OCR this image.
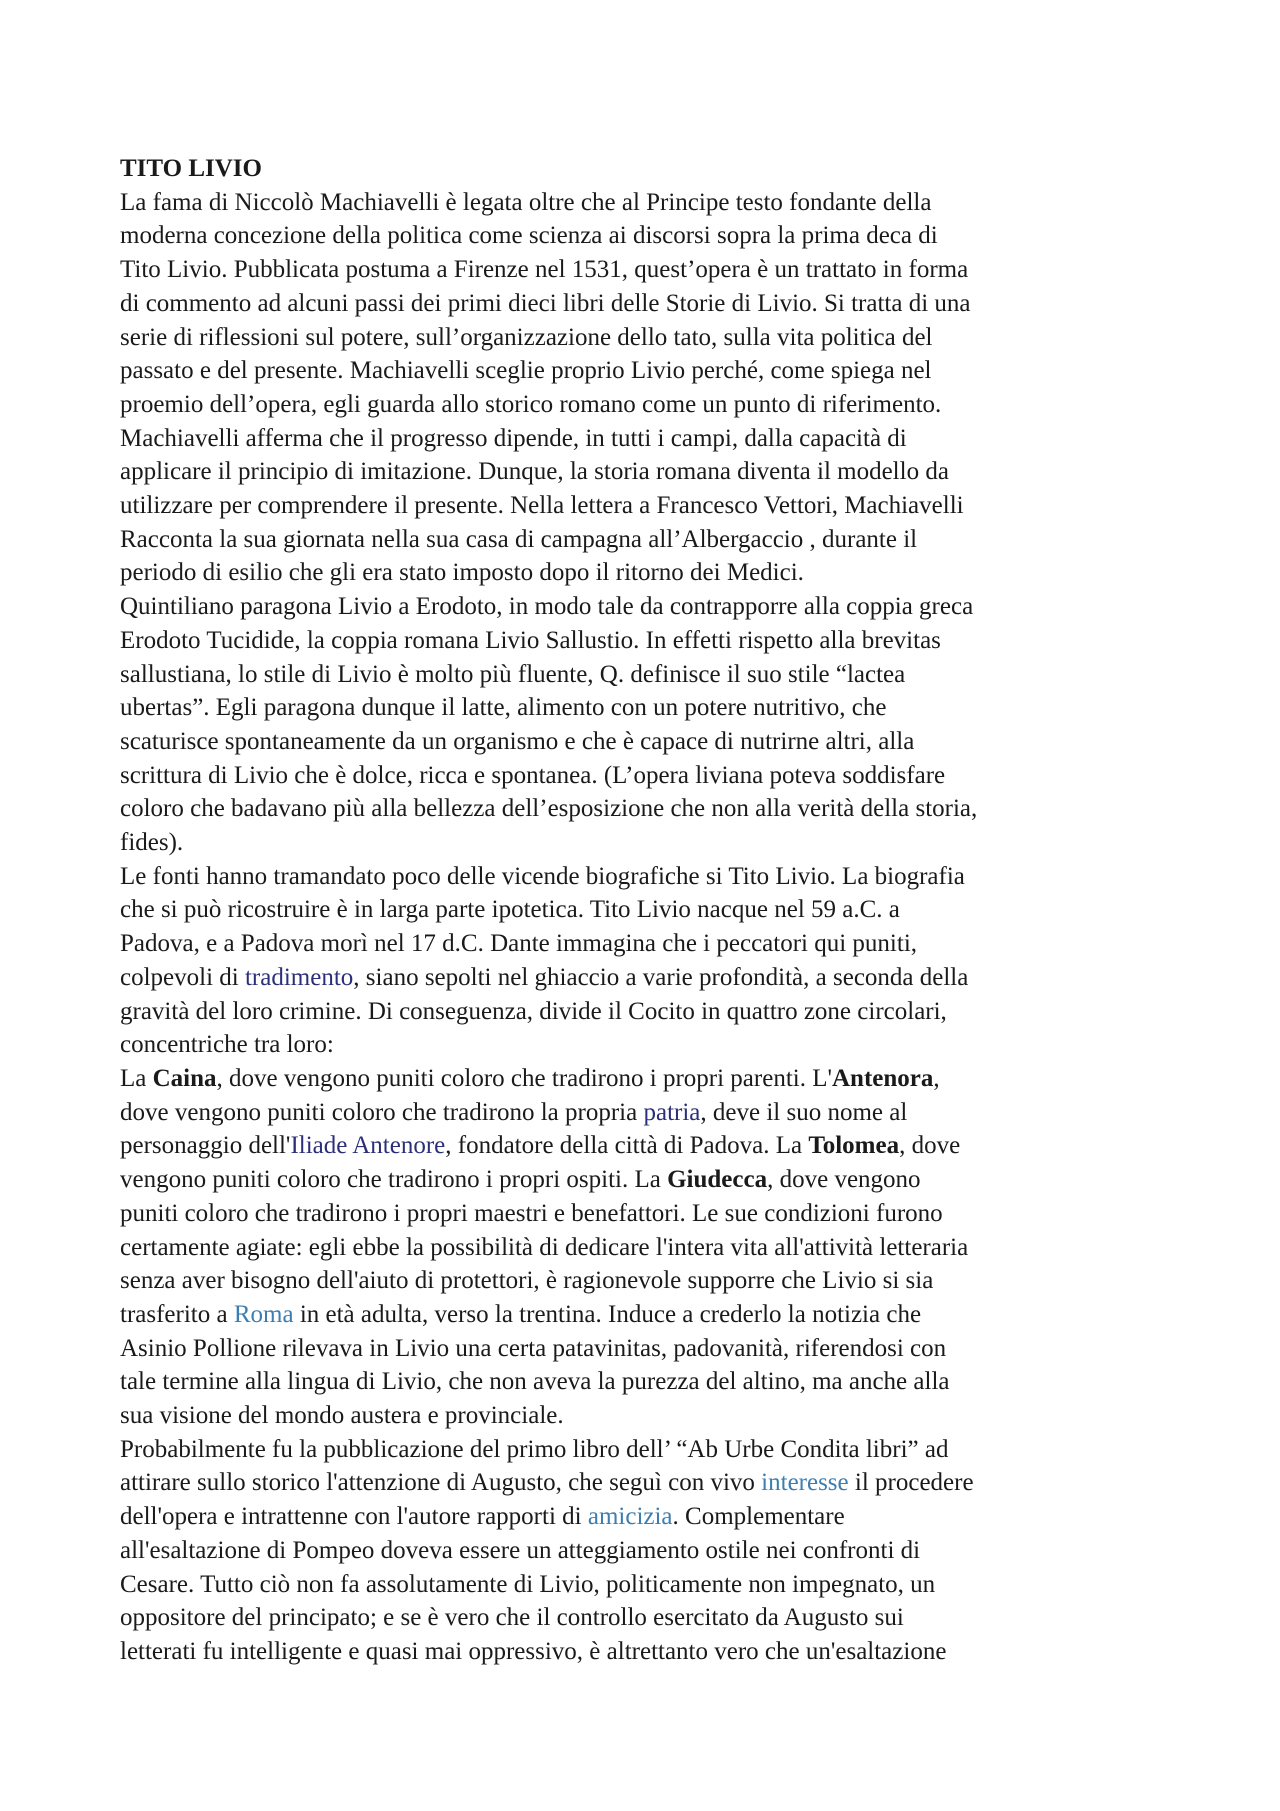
TITO LIVIO
La fama di Niccolò Machiavelli è legata oltre che al Principe testo fondante della
moderna concezione della politica come scienza ai discorsi sopra la prima deca di
Tito Livio. Pubblicata postuma a Firenze nel 1531, quest’opera è un trattato in forma
di commento ad alcuni passi dei primi dieci libri delle Storie di Livio. Si tratta di una
serie di riflessioni sul potere, sull’organizzazione dello tato, sulla vita politica del
passato e del presente. Machiavelli sceglie proprio Livio perché, come spiega nel
proemio dell’opera, egli guarda allo storico romano come un punto di riferimento.
Machiavelli afferma che il progresso dipende, in tutti i campi, dalla capacità di
applicare il principio di imitazione. Dunque, la storia romana diventa il modello da
utilizzare per comprendere il presente. Nella lettera a Francesco Vettori, Machiavelli
Racconta la sua giornata nella sua casa di campagna all’Albergaccio , durante il
periodo di esilio che gli era stato imposto dopo il ritorno dei Medici.
Quintiliano paragona Livio a Erodoto, in modo tale da contrapporre alla coppia greca
Erodoto Tucidide, la coppia romana Livio Sallustio. In effetti rispetto alla brevitas
sallustiana, lo stile di Livio è molto più fluente, Q. definisce il suo stile “lactea
ubertas”. Egli paragona dunque il latte, alimento con un potere nutritivo, che
scaturisce spontaneamente da un organismo e che è capace di nutrirne altri, alla
scrittura di Livio che è dolce, ricca e spontanea. (L’opera liviana poteva soddisfare
coloro che badavano più alla bellezza dell’esposizione che non alla verità della storia,
fides).
Le fonti hanno tramandato poco delle vicende biografiche si Tito Livio. La biografia
che si può ricostruire è in larga parte ipotetica. Tito Livio nacque nel 59 a.C. a
Padova, e a Padova morì nel 17 d.C. Dante immagina che i peccatori qui puniti,
colpevoli di tradimento, siano sepolti nel ghiaccio a varie profondità, a seconda della
gravità del loro crimine. Di conseguenza, divide il Cocito in quattro zone circolari,
concentriche tra loro:
La Caina, dove vengono puniti coloro che tradirono i propri parenti. L'Antenora,
dove vengono puniti coloro che tradirono la propria patria, deve il suo nome al
personaggio dell'Iliade Antenore, fondatore della città di Padova. La Tolomea, dove
vengono puniti coloro che tradirono i propri ospiti. La Giudecca, dove vengono
puniti coloro che tradirono i propri maestri e benefattori. Le sue condizioni furono
certamente agiate: egli ebbe la possibilità di dedicare l'intera vita all'attività letteraria
senza aver bisogno dell'aiuto di protettori, è ragionevole supporre che Livio si sia
trasferito a Roma in età adulta, verso la trentina. Induce a crederlo la notizia che
Asinio Pollione rilevava in Livio una certa patavinitas, padovanità, riferendosi con
tale termine alla lingua di Livio, che non aveva la purezza del altino, ma anche alla
sua visione del mondo austera e provinciale.
Probabilmente fu la pubblicazione del primo libro dell’ “Ab Urbe Condita libri” ad
attirare sullo storico l'attenzione di Augusto, che seguì con vivo interesse il procedere
dell'opera e intrattenne con l'autore rapporti di amicizia. Complementare
all'esaltazione di Pompeo doveva essere un atteggiamento ostile nei confronti di
Cesare. Tutto ciò non fa assolutamente di Livio, politicamente non impegnato, un
oppositore del principato; e se è vero che il controllo esercitato da Augusto sui
letterati fu intelligente e quasi mai oppressivo, è altrettanto vero che un'esaltazione
